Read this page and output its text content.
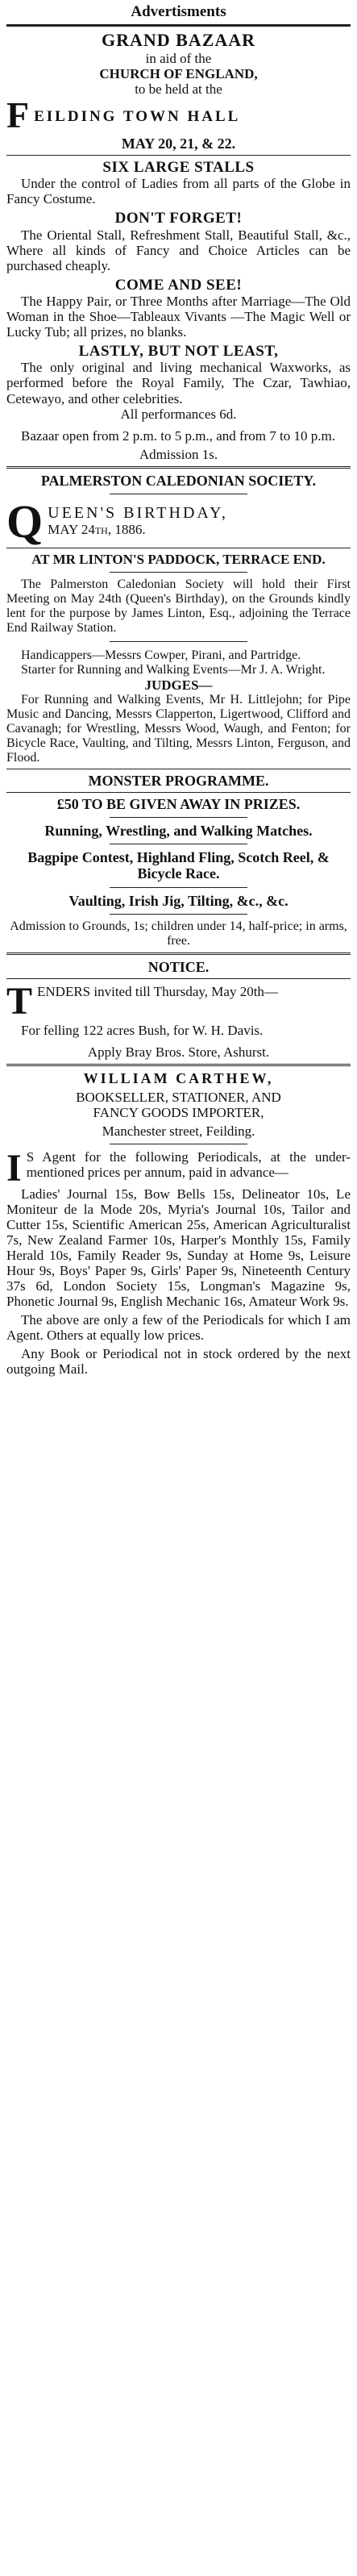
Advertisments
GRAND BAZAAR
in aid of the
CHURCH OF ENGLAND,
to be held at the
F EILDING TOWN HALL
MAY 20, 21, & 22.
SIX LARGE STALLS
Under the control of Ladies from all parts of the Globe in Fancy Costume.
DON'T FORGET!
The Oriental Stall, Refreshment Stall, Beautiful Stall, &c., Where all kinds of Fancy and Choice Articles can be purchased cheaply.
COME AND SEE!
The Happy Pair, or Three Months after Marriage—The Old Woman in the Shoe—Tableaux Vivants —The Magic Well or Lucky Tub; all prizes, no blanks.
LASTLY, BUT NOT LEAST,
The only original and living mechanical Waxworks, as performed before the Royal Family, The Czar, Tawhiao, Cetewayo, and other celebrities.
All performances 6d.
Bazaar open from 2 p.m. to 5 p.m., and from 7 to 10 p.m.
Admission 1s.
PALMERSTON CALEDONIAN SOCIETY.
Q UEEN'S BIRTHDAY,
MAY 24th, 1886.
AT MR LINTON'S PADDOCK, TERRACE END.
The Palmerston Caledonian Society will hold their First Meeting on May 24th (Queen's Birthday), on the Grounds kindly lent for the purpose by James Linton, Esq., adjoining the Terrace End Railway Station.
Handicappers—Messrs Cowper, Pirani, and Partridge.
Starter for Running and Walking Events—Mr J. A. Wright.
JUDGES—
For Running and Walking Events, Mr H. Littlejohn; for Pipe Music and Dancing, Messrs Clapperton, Ligertwood, Clifford and Cavanagh; for Wrestling, Messrs Wood, Waugh, and Fenton; for Bicycle Race, Vaulting, and Tilting, Messrs Linton, Ferguson, and Flood.
MONSTER PROGRAMME.
£50 TO BE GIVEN AWAY IN PRIZES.
Running, Wrestling, and Walking Matches.
Bagpipe Contest, Highland Fling, Scotch Reel, & Bicycle Race.
Vaulting, Irish Jig, Tilting, &c., &c.
Admission to Grounds, 1s; children under 14, half-price; in arms, free.
NOTICE.
T ENDERS invited till Thursday, May 20th—
For felling 122 acres Bush, for W. H. Davis.
Apply Bray Bros. Store, Ashurst.
WILLIAM CARTHEW,
BOOKSELLER, STATIONER, AND
FANCY GOODS IMPORTER,
Manchester street, Feilding.
I S Agent for the following Periodicals, at the under-mentioned prices per annum, paid in advance—
Ladies' Journal 15s, Bow Bells 15s, Delineator 10s, Le Moniteur de la Mode 20s, Myria's Journal 10s, Tailor and Cutter 15s, Scientific American 25s, American Agriculturalist 7s, New Zealand Farmer 10s, Harper's Monthly 15s, Family Herald 10s, Family Reader 9s, Sunday at Home 9s, Leisure Hour 9s, Boys' Paper 9s, Girls' Paper 9s, Nineteenth Century 37s 6d, London Society 15s, Longman's Magazine 9s, Phonetic Journal 9s, English Mechanic 16s, Amateur Work 9s.
The above are only a few of the Periodicals for which I am Agent. Others at equally low prices.
Any Book or Periodical not in stock ordered by the next outgoing Mail.
